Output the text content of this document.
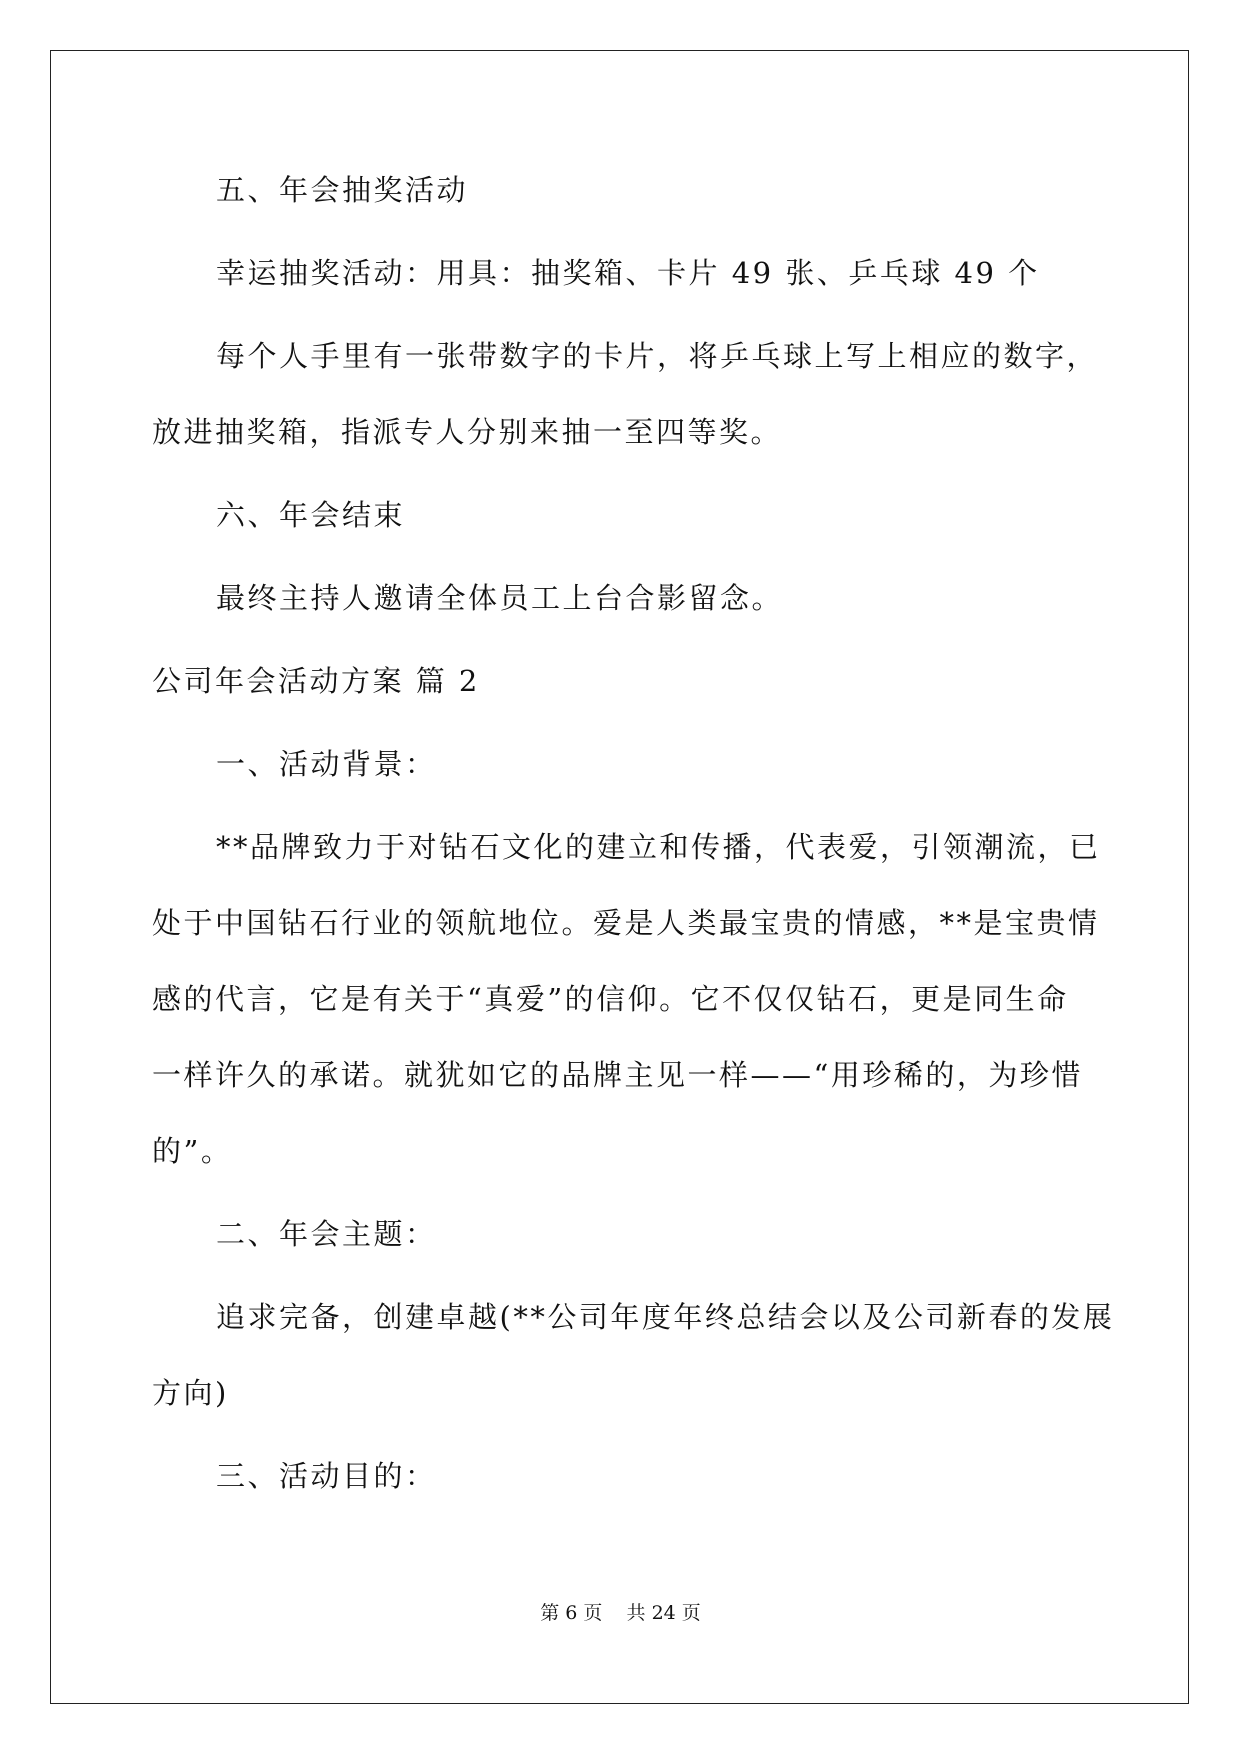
五、年会抽奖活动
幸运抽奖活动：用具：抽奖箱、卡片 49 张、乒乓球 49 个
每个人手里有一张带数字的卡片，将乒乓球上写上相应的数字，
放进抽奖箱，指派专人分别来抽一至四等奖。
六、年会结束
最终主持人邀请全体员工上台合影留念。
公司年会活动方案 篇 2
一、活动背景：
**品牌致力于对钻石文化的建立和传播，代表爱，引领潮流，已
处于中国钻石行业的领航地位。爱是人类最宝贵的情感，**是宝贵情
感的代言，它是有关于“真爱”的信仰。它不仅仅钻石，更是同生命
一样许久的承诺。就犹如它的品牌主见一样——“用珍稀的，为珍惜
的”。
二、年会主题：
追求完备，创建卓越(**公司年度年终总结会以及公司新春的发展
方向)
三、活动目的：
第 6 页    共 24 页
